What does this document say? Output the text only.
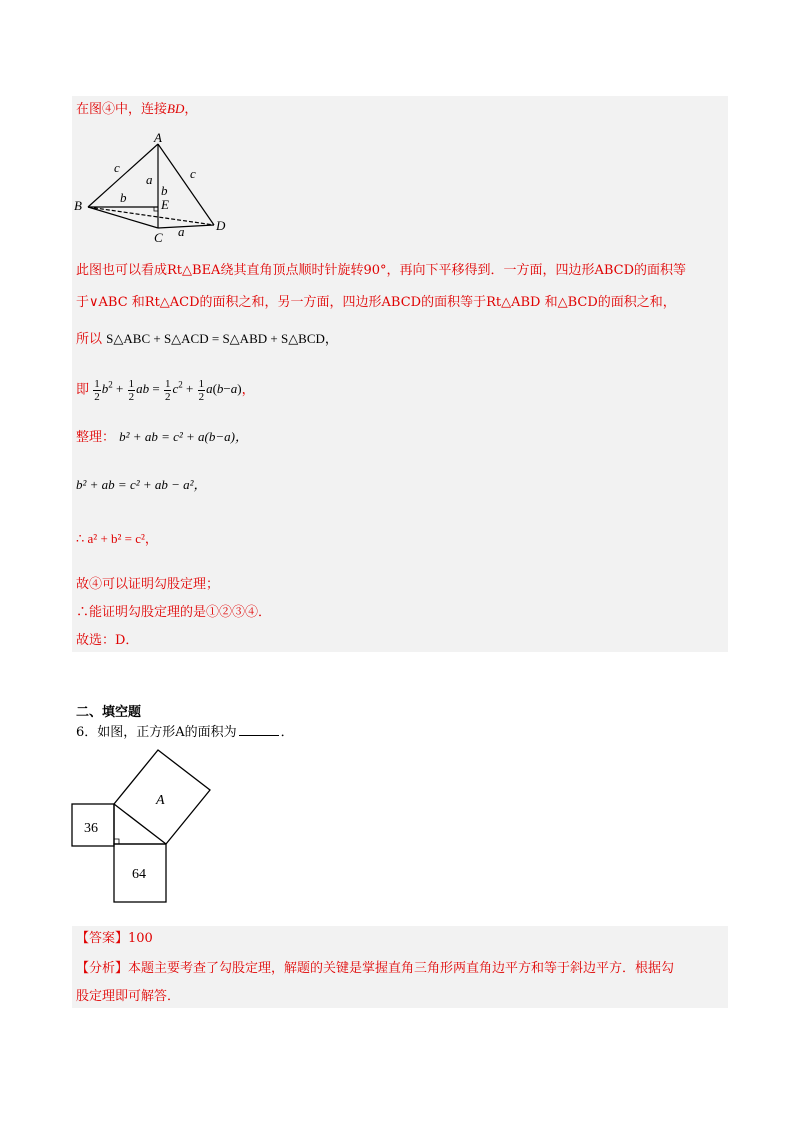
在图④中，连接BD，
A
B
C
D
E
c	c
a
b
b
a
此图也可以看成Rt△BEA绕其直角顶点顺时针旋转90°，再向下平移得到．一方面，四边形ABCD的面积等
于∨ABC 和Rt△ACD的面积之和，另一方面，四边形ABCD的面积等于Rt△ABD 和△BCD的面积之和，
所以 S△ABC + S△ACD = S△ABD + S△BCD，
即 $\frac{1}{2} b^2 + \frac{1}{2}$ ab = $\frac{1}{2} c^2 + \frac{1}{2} a(b-a)$，
整理： b² + ab = c² + a(b−a)，
b² + ab = c² + ab − a²，
∴ a² + b² = c²，
故④可以证明勾股定理；
∴能证明勾股定理的是①②③④．
故选：D．
二、填空题
6．如图，正方形A的面积为	．
A
36
64
【答案】100
【分析】本题主要考查了勾股定理，解题的关键是掌握直角三角形两直角边平方和等于斜边平方．根据勾
股定理即可解答．
